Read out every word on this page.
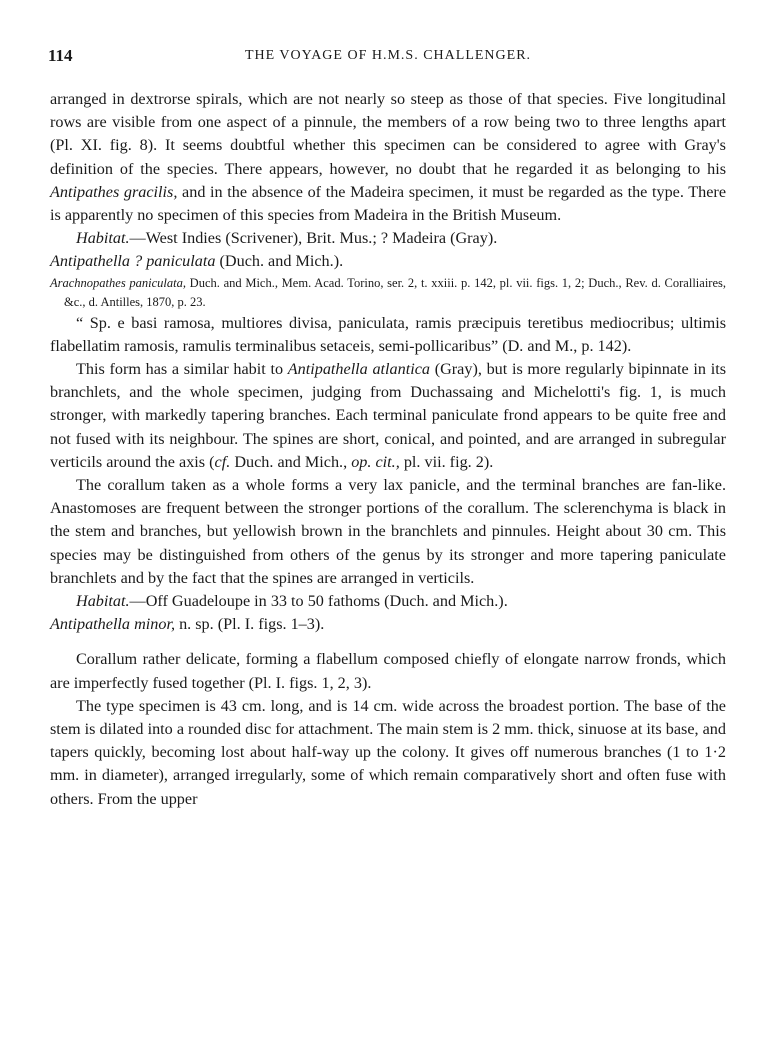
114	THE VOYAGE OF H.M.S. CHALLENGER.

arranged in dextrorse spirals, which are not nearly so steep as those of that species. Five longitudinal rows are visible from one aspect of a pinnule, the members of a row being two to three lengths apart (Pl. XI. fig. 8). It seems doubtful whether this specimen can be considered to agree with Gray's definition of the species. There appears, however, no doubt that he regarded it as belonging to his Antipathes gracilis, and in the absence of the Madeira specimen, it must be regarded as the type. There is apparently no specimen of this species from Madeira in the British Museum.

Habitat.—West Indies (Scrivener), Brit. Mus.; ? Madeira (Gray).

Antipathella ? paniculata (Duch. and Mich.).

Arachnopathes paniculata, Duch. and Mich., Mem. Acad. Torino, ser. 2, t. xxiii. p. 142, pl. vii. figs. 1, 2; Duch., Rev. d. Coralliaires, &c., d. Antilles, 1870, p. 23.

“ Sp. e basi ramosa, multiores divisa, paniculata, ramis præcipuis teretibus mediocribus; ultimis flabellatim ramosis, ramulis terminalibus setaceis, semi-pollicaribus” (D. and M., p. 142).

This form has a similar habit to Antipathella atlantica (Gray), but is more regularly bipinnate in its branchlets, and the whole specimen, judging from Duchassaing and Michelotti's fig. 1, is much stronger, with markedly tapering branches. Each terminal paniculate frond appears to be quite free and not fused with its neighbour. The spines are short, conical, and pointed, and are arranged in subregular verticils around the axis (cf. Duch. and Mich., op. cit., pl. vii. fig. 2).

The corallum taken as a whole forms a very lax panicle, and the terminal branches are fan-like. Anastomoses are frequent between the stronger portions of the corallum. The sclerenchyma is black in the stem and branches, but yellowish brown in the branchlets and pinnules. Height about 30 cm. This species may be distinguished from others of the genus by its stronger and more tapering paniculate branchlets and by the fact that the spines are arranged in verticils.

Habitat.—Off Guadeloupe in 33 to 50 fathoms (Duch. and Mich.).

Antipathella minor, n. sp. (Pl. I. figs. 1–3).

Corallum rather delicate, forming a flabellum composed chiefly of elongate narrow fronds, which are imperfectly fused together (Pl. I. figs. 1, 2, 3).

The type specimen is 43 cm. long, and is 14 cm. wide across the broadest portion. The base of the stem is dilated into a rounded disc for attachment. The main stem is 2 mm. thick, sinuose at its base, and tapers quickly, becoming lost about half-way up the colony. It gives off numerous branches (1 to 1·2 mm. in diameter), arranged irregularly, some of which remain comparatively short and often fuse with others. From the upper
